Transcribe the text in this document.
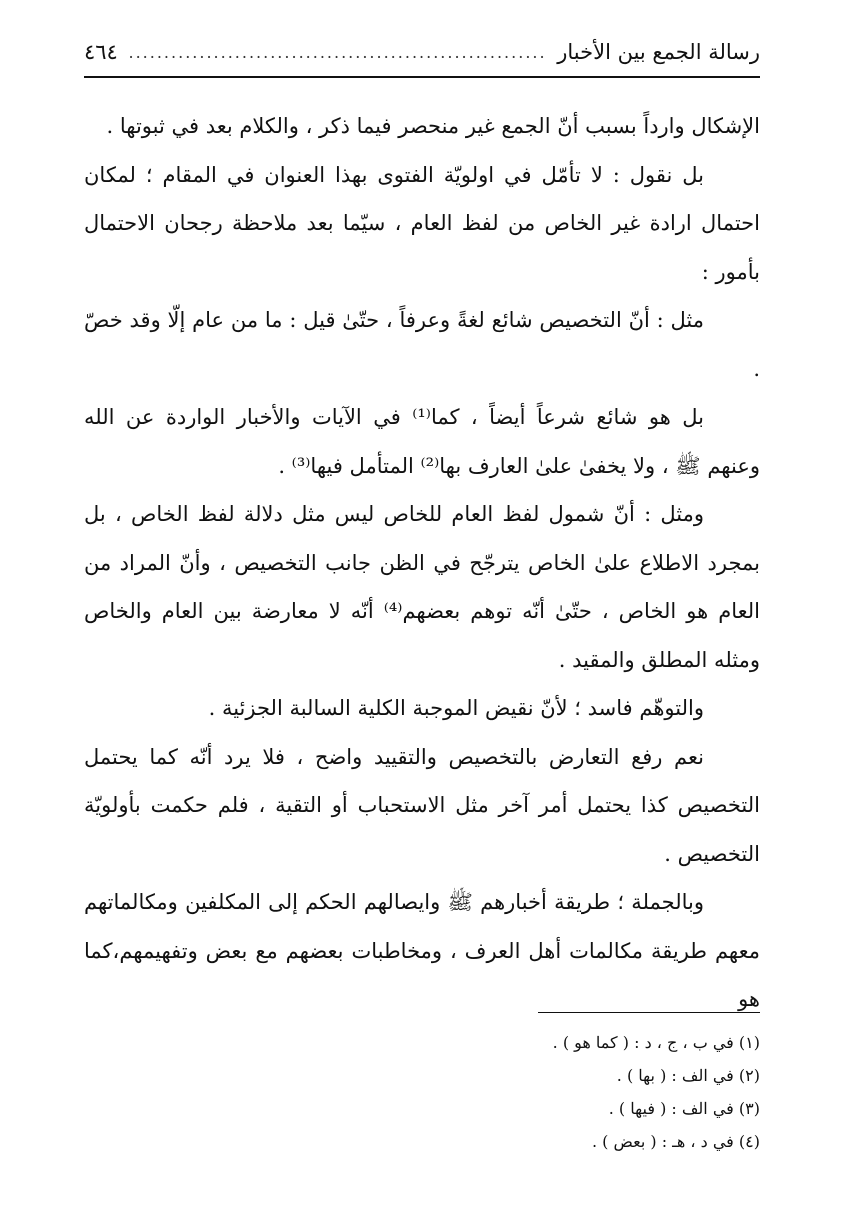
رسالة الجمع بين الأخبار
...........................................................
٤٦٤

الإشكال وارداً بسبب أنّ الجمع غير منحصر فيما ذكر ، والكلام بعد في ثبوتها .

بل نقول : لا تأمّل في اولويّة الفتوى بهذا العنوان في المقام ؛ لمكان احتمال ارادة غير الخاص من لفظ العام ، سيّما بعد ملاحظة رجحان الاحتمال بأمور :

مثل : أنّ التخصيص شائع لغةً وعرفاً ، حتّىٰ قيل : ما من عام إلّا وقد خصّ .

بل هو شائع شرعاً أيضاً ، كما⁽¹⁾ في الآيات والأخبار الواردة عن الله وعنهم ﷺ ، ولا يخفىٰ علىٰ العارف بها⁽²⁾ المتأمل فيها⁽³⁾ .

ومثل : أنّ شمول لفظ العام للخاص ليس مثل دلالة لفظ الخاص ، بل بمجرد الاطلاع علىٰ الخاص يترجّح في الظن جانب التخصيص ، وأنّ المراد من العام هو الخاص ، حتّىٰ أنّه توهم بعضهم⁽⁴⁾ أنّه لا معارضة بين العام والخاص ومثله المطلق والمقيد .

والتوهّم فاسد ؛ لأنّ نقيض الموجبة الكلية السالبة الجزئية .

نعم رفع التعارض بالتخصيص والتقييد واضح ، فلا يرد أنّه كما يحتمل التخصيص كذا يحتمل أمر آخر مثل الاستحباب أو التقية ، فلم حكمت بأولويّة التخصيص .

وبالجملة ؛ طريقة أخبارهم ﷺ وايصالهم الحكم إلى المكلفين ومكالماتهم معهم طريقة مكالمات أهل العرف ، ومخاطبات بعضهم مع بعض وتفهيمهم،كما هو

(١) في ب ، ج ، د : ( كما هو ) .

(٢) في الف : ( بها ) .

(٣) في الف : ( فيها ) .

(٤) في د ، هـ : ( بعض ) .
